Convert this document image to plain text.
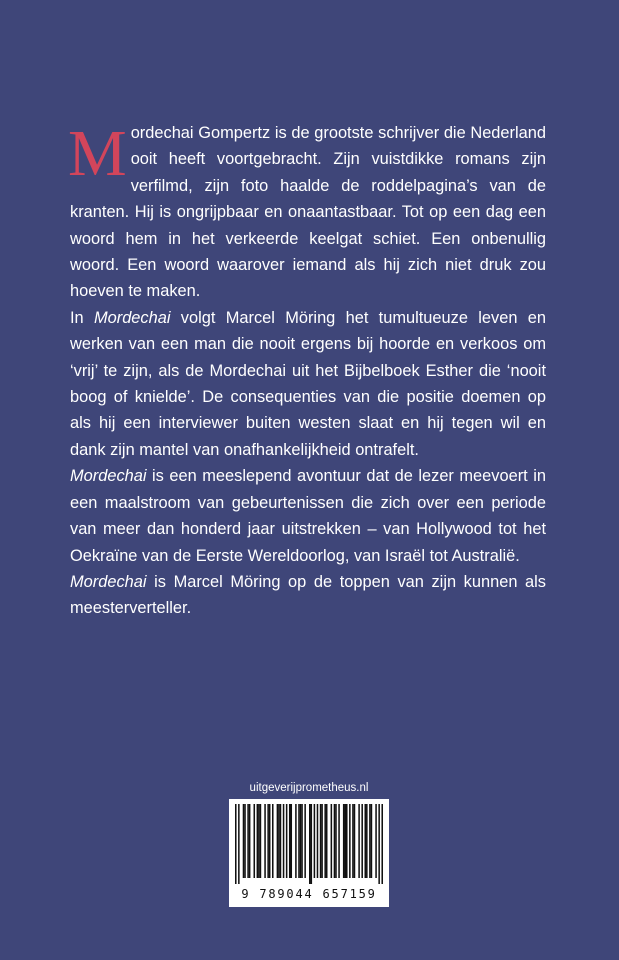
Mordechai Gompertz is de grootste schrijver die Nederland ooit heeft voortgebracht. Zijn vuistdikke romans zijn verfilmd, zijn foto haalde de roddelpagina’s van de kranten. Hij is ongrijpbaar en onaantastbaar. Tot op een dag een woord hem in het verkeerde keelgat schiet. Een onbenullig woord. Een woord waarover iemand als hij zich niet druk zou hoeven te maken.

In Mordechai volgt Marcel Möring het tumultueuze leven en werken van een man die nooit ergens bij hoorde en verkoos om ‘vrij’ te zijn, als de Mordechai uit het Bijbelboek Esther die ‘nooit boog of knielde’. De consequenties van die positie doemen op als hij een interviewer buiten westen slaat en hij tegen wil en dank zijn mantel van onafhankelijkheid ontrafelt.

Mordechai is een meeslepend avontuur dat de lezer meevoert in een maalstroom van gebeurtenissen die zich over een periode van meer dan honderd jaar uitstrekken – van Hollywood tot het Oekraïne van de Eerste Wereldoorlog, van Israël tot Australië.

Mordechai is Marcel Möring op de toppen van zijn kunnen als meesterverteller.

uitgeverijprometheus.nl
9 789044 657159
